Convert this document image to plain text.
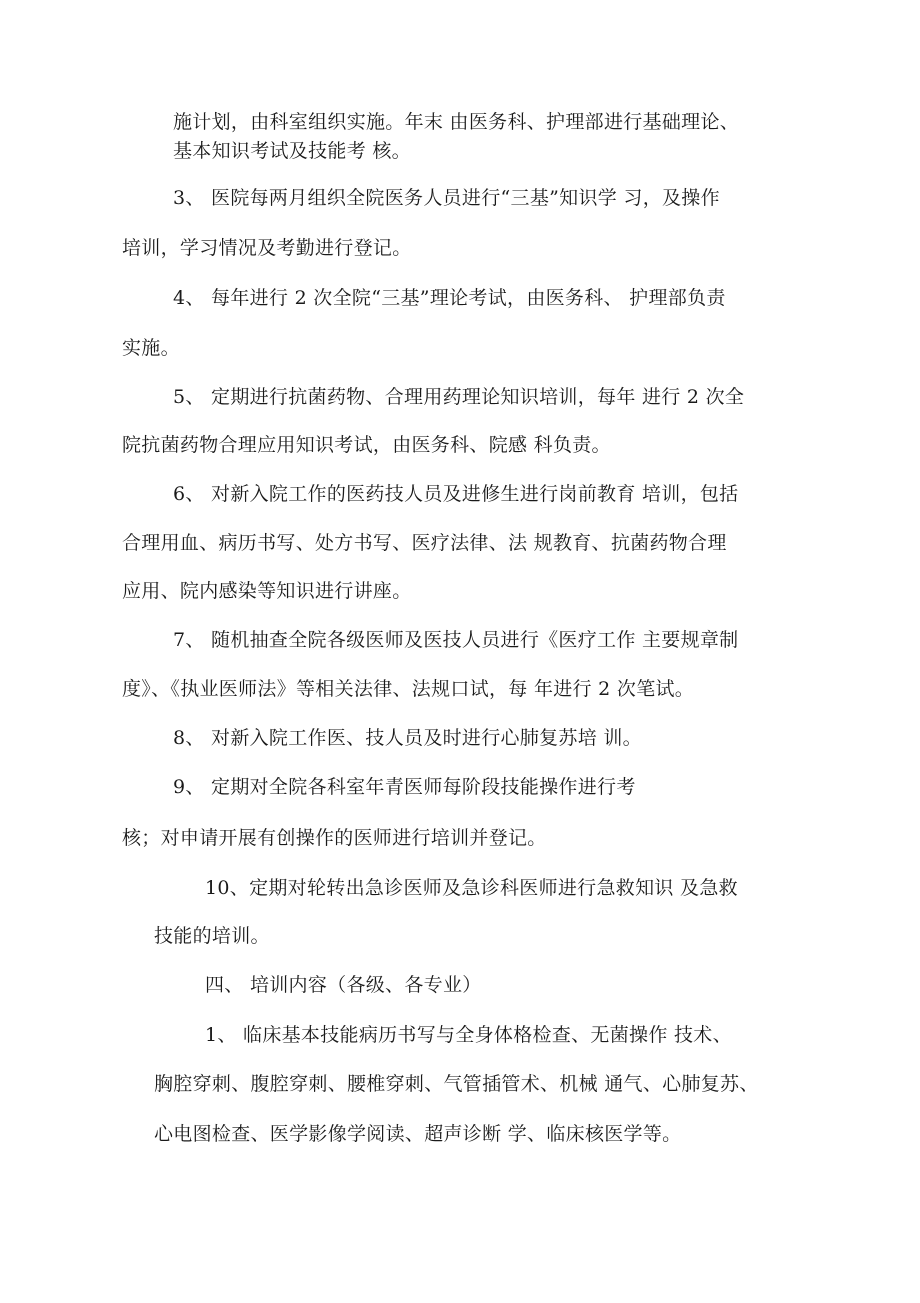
施计划，由科室组织实施。年末 由医务科、护理部进行基础理论、
基本知识考试及技能考 核。
3、 医院每两月组织全院医务人员进行“三基”知识学 习，及操作
培训，学习情况及考勤进行登记。
4、 每年进行 2 次全院“三基”理论考试，由医务科、 护理部负责
实施。
5、 定期进行抗菌药物、合理用药理论知识培训，每年 进行 2 次全
院抗菌药物合理应用知识考试，由医务科、院感 科负责。
6、 对新入院工作的医药技人员及进修生进行岗前教育 培训，包括
合理用血、病历书写、处方书写、医疗法律、法 规教育、抗菌药物合理
应用、院内感染等知识进行讲座。
7、 随机抽查全院各级医师及医技人员进行《医疗工作 主要规章制
度》、《执业医师法》等相关法律、法规口试，每 年进行 2 次笔试。
8、 对新入院工作医、技人员及时进行心肺复苏培 训。
9、 定期对全院各科室年青医师每阶段技能操作进行考
核；对申请开展有创操作的医师进行培训并登记。
10、定期对轮转出急诊医师及急诊科医师进行急救知识 及急救
技能的培训。
四、 培训内容（各级、各专业）
1、 临床基本技能病历书写与全身体格检查、无菌操作 技术、
胸腔穿刺、腹腔穿刺、腰椎穿刺、气管插管术、机械 通气、心肺复苏、
心电图检查、医学影像学阅读、超声诊断 学、临床核医学等。
